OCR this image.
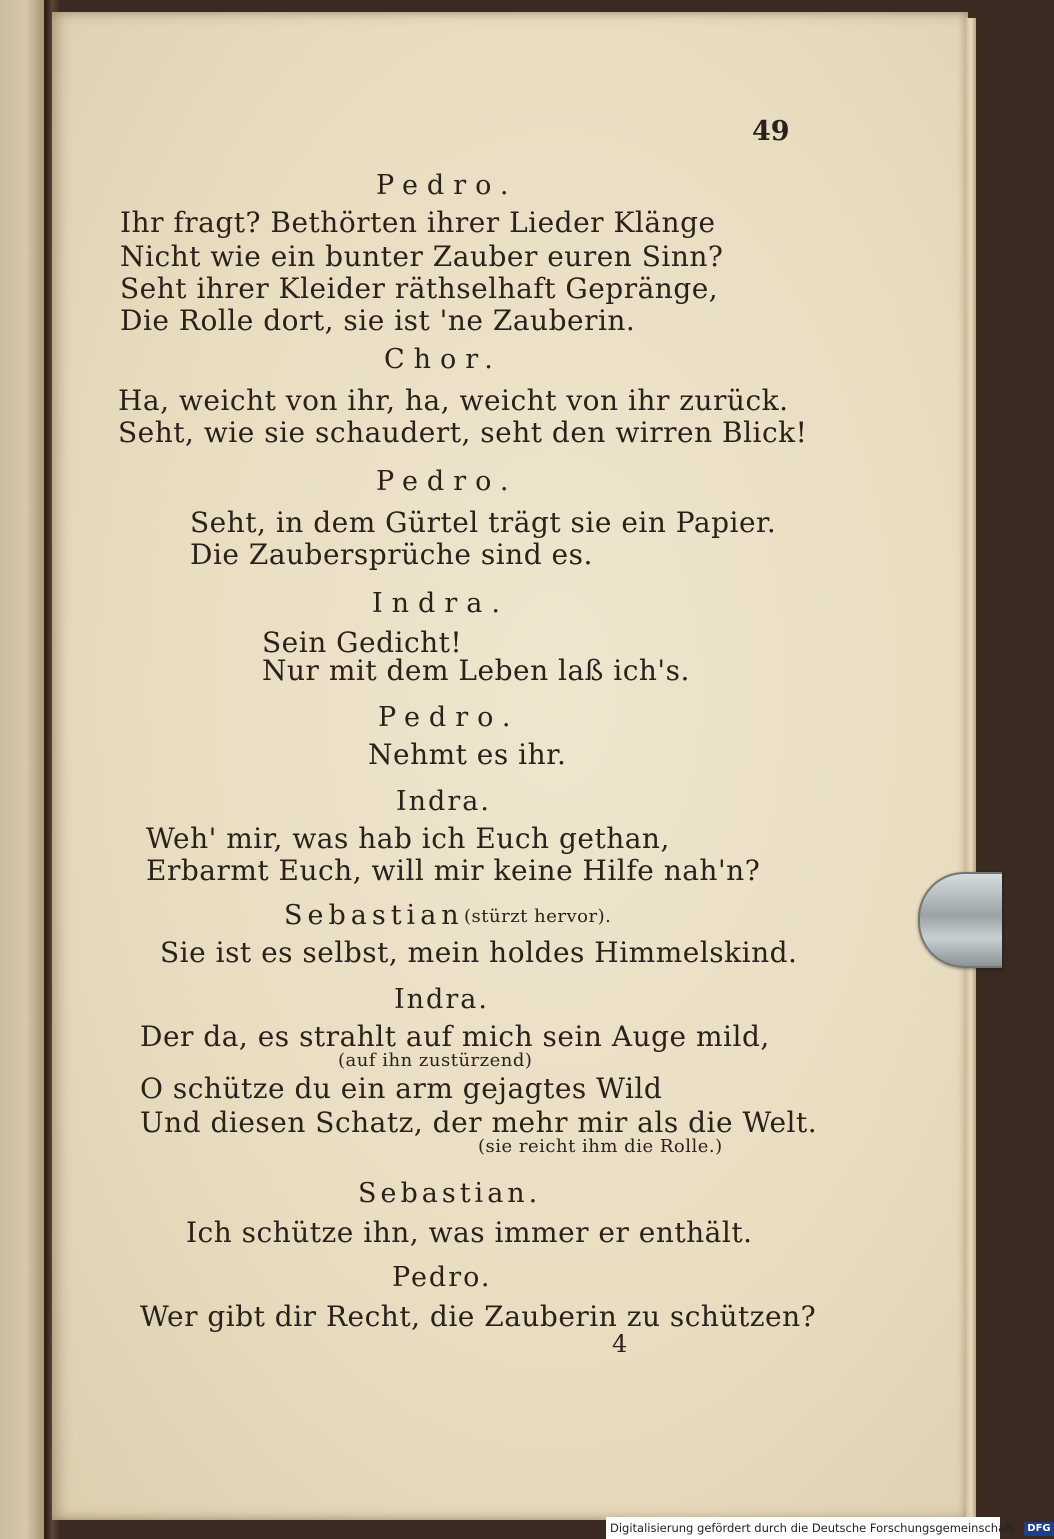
49
Pedro.
Ihr fragt? Bethörten ihrer Lieder Klänge
Nicht wie ein bunter Zauber euren Sinn?
Seht ihrer Kleider räthselhaft Gepränge,
Die Rolle dort, sie ist 'ne Zauberin.
Chor.
Ha, weicht von ihr, ha, weicht von ihr zurück.
Seht, wie sie schaudert, seht den wirren Blick!
Pedro.
Seht, in dem Gürtel trägt sie ein Papier.
Die Zaubersprüche sind es.
Indra.
Sein Gedicht!
Nur mit dem Leben laß ich's.
Pedro.
Nehmt es ihr.
Indra.
Weh' mir, was hab ich Euch gethan,
Erbarmt Euch, will mir keine Hilfe nah'n?
Sebastian (stürzt hervor).
Sie ist es selbst, mein holdes Himmelskind.
Indra.
Der da, es strahlt auf mich sein Auge mild,
(auf ihn zustürzend)
O schütze du ein arm gejagtes Wild
Und diesen Schatz, der mehr mir als die Welt.
(sie reicht ihm die Rolle.)
Sebastian.
Ich schütze ihn, was immer er enthält.
Pedro.
Wer gibt dir Recht, die Zauberin zu schützen?
4
Digitalisierung gefördert durch die Deutsche Forschungsgemeinschaft - DFG
